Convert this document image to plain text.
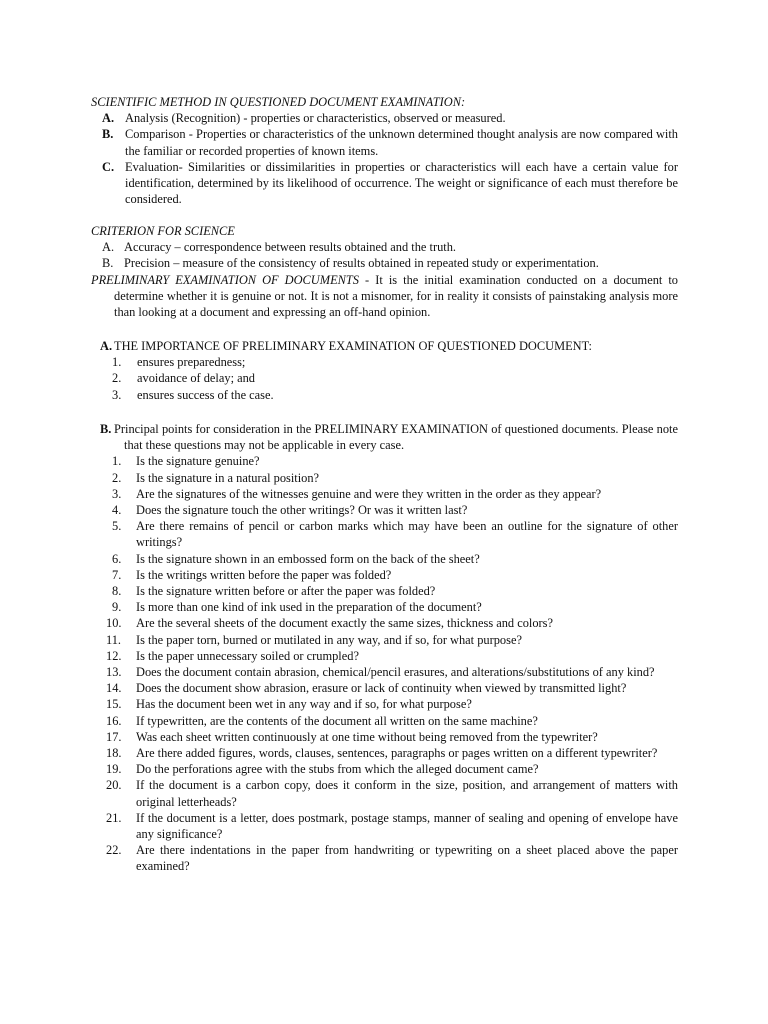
SCIENTIFIC METHOD IN QUESTIONED DOCUMENT EXAMINATION:
A. Analysis (Recognition) - properties or characteristics, observed or measured.
B. Comparison - Properties or characteristics of the unknown determined thought analysis are now compared with the familiar or recorded properties of known items.
C. Evaluation- Similarities or dissimilarities in properties or characteristics will each have a certain value for identification, determined by its likelihood of occurrence. The weight or significance of each must therefore be considered.
CRITERION FOR SCIENCE
A. Accuracy – correspondence between results obtained and the truth.
B. Precision – measure of the consistency of results obtained in repeated study or experimentation.
PRELIMINARY EXAMINATION OF DOCUMENTS - It is the initial examination conducted on a document to determine whether it is genuine or not. It is not a misnomer, for in reality it consists of painstaking analysis more than looking at a document and expressing an off-hand opinion.
A. THE IMPORTANCE OF PRELIMINARY EXAMINATION OF QUESTIONED DOCUMENT:
1. ensures preparedness;
2. avoidance of delay; and
3. ensures success of the case.
B. Principal points for consideration in the PRELIMINARY EXAMINATION of questioned documents. Please note that these questions may not be applicable in every case.
1. Is the signature genuine?
2. Is the signature in a natural position?
3. Are the signatures of the witnesses genuine and were they written in the order as they appear?
4. Does the signature touch the other writings? Or was it written last?
5. Are there remains of pencil or carbon marks which may have been an outline for the signature of other writings?
6. Is the signature shown in an embossed form on the back of the sheet?
7. Is the writings written before the paper was folded?
8. Is the signature written before or after the paper was folded?
9. Is more than one kind of ink used in the preparation of the document?
10. Are the several sheets of the document exactly the same sizes, thickness and colors?
11. Is the paper torn, burned or mutilated in any way, and if so, for what purpose?
12. Is the paper unnecessary soiled or crumpled?
13. Does the document contain abrasion, chemical/pencil erasures, and alterations/substitutions of any kind?
14. Does the document show abrasion, erasure or lack of continuity when viewed by transmitted light?
15. Has the document been wet in any way and if so, for what purpose?
16. If typewritten, are the contents of the document all written on the same machine?
17. Was each sheet written continuously at one time without being removed from the typewriter?
18. Are there added figures, words, clauses, sentences, paragraphs or pages written on a different typewriter?
19. Do the perforations agree with the stubs from which the alleged document came?
20. If the document is a carbon copy, does it conform in the size, position, and arrangement of matters with original letterheads?
21. If the document is a letter, does postmark, postage stamps, manner of sealing and opening of envelope have any significance?
22. Are there indentations in the paper from handwriting or typewriting on a sheet placed above the paper examined?
